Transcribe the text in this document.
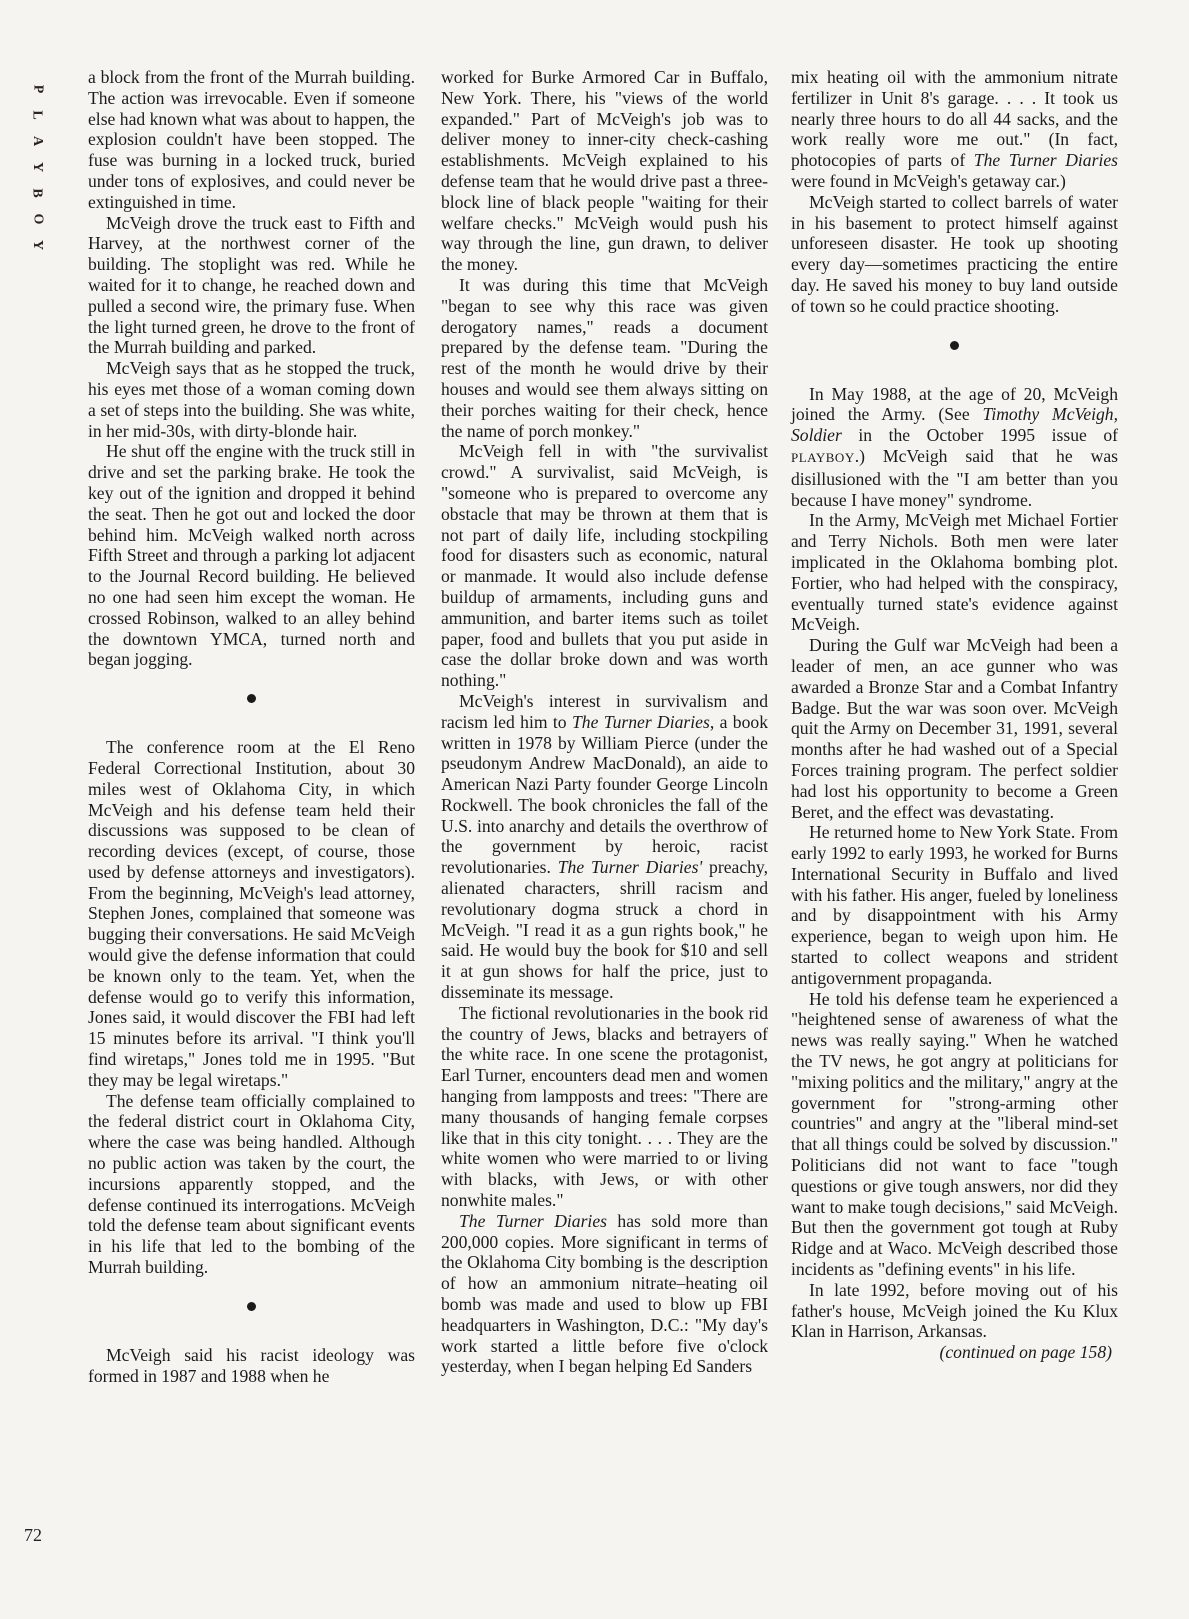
P
L
A
Y
B
O
Y
72

a block from the front of the Murrah building. The action was irrevocable. Even if someone else had known what was about to happen, the explosion couldn't have been stopped. The fuse was burning in a locked truck, buried under tons of explosives, and could never be extinguished in time.

McVeigh drove the truck east to Fifth and Harvey, at the northwest corner of the building. The stoplight was red. While he waited for it to change, he reached down and pulled a second wire, the primary fuse. When the light turned green, he drove to the front of the Murrah building and parked.

McVeigh says that as he stopped the truck, his eyes met those of a woman coming down a set of steps into the building. She was white, in her mid-30s, with dirty-blonde hair.

He shut off the engine with the truck still in drive and set the parking brake. He took the key out of the ignition and dropped it behind the seat. Then he got out and locked the door behind him. McVeigh walked north across Fifth Street and through a parking lot adjacent to the Journal Record building. He believed no one had seen him except the woman. He crossed Robinson, walked to an alley behind the downtown YMCA, turned north and began jogging.

The conference room at the El Reno Federal Correctional Institution, about 30 miles west of Oklahoma City, in which McVeigh and his defense team held their discussions was supposed to be clean of recording devices (except, of course, those used by defense attorneys and investigators). From the beginning, McVeigh's lead attorney, Stephen Jones, complained that someone was bugging their conversations. He said McVeigh would give the defense information that could be known only to the team. Yet, when the defense would go to verify this information, Jones said, it would discover the FBI had left 15 minutes before its arrival. "I think you'll find wiretaps," Jones told me in 1995. "But they may be legal wiretaps."

The defense team officially complained to the federal district court in Oklahoma City, where the case was being handled. Although no public action was taken by the court, the incursions apparently stopped, and the defense continued its interrogations. McVeigh told the defense team about significant events in his life that led to the bombing of the Murrah building.

McVeigh said his racist ideology was formed in 1987 and 1988 when he

worked for Burke Armored Car in Buffalo, New York. There, his "views of the world expanded." Part of McVeigh's job was to deliver money to inner-city check-cashing establishments. McVeigh explained to his defense team that he would drive past a three-block line of black people "waiting for their welfare checks." McVeigh would push his way through the line, gun drawn, to deliver the money.

It was during this time that McVeigh "began to see why this race was given derogatory names," reads a document prepared by the defense team. "During the rest of the month he would drive by their houses and would see them always sitting on their porches waiting for their check, hence the name of porch monkey."

McVeigh fell in with "the survivalist crowd." A survivalist, said McVeigh, is "someone who is prepared to overcome any obstacle that may be thrown at them that is not part of daily life, including stockpiling food for disasters such as economic, natural or manmade. It would also include defense buildup of armaments, including guns and ammunition, and barter items such as toilet paper, food and bullets that you put aside in case the dollar broke down and was worth nothing."

McVeigh's interest in survivalism and racism led him to The Turner Diaries, a book written in 1978 by William Pierce (under the pseudonym Andrew MacDonald), an aide to American Nazi Party founder George Lincoln Rockwell. The book chronicles the fall of the U.S. into anarchy and details the overthrow of the government by heroic, racist revolutionaries. The Turner Diaries' preachy, alienated characters, shrill racism and revolutionary dogma struck a chord in McVeigh. "I read it as a gun rights book," he said. He would buy the book for $10 and sell it at gun shows for half the price, just to disseminate its message.

The fictional revolutionaries in the book rid the country of Jews, blacks and betrayers of the white race. In one scene the protagonist, Earl Turner, encounters dead men and women hanging from lampposts and trees: "There are many thousands of hanging female corpses like that in this city tonight. . . . They are the white women who were married to or living with blacks, with Jews, or with other nonwhite males."

The Turner Diaries has sold more than 200,000 copies. More significant in terms of the Oklahoma City bombing is the description of how an ammonium nitrate–heating oil bomb was made and used to blow up FBI headquarters in Washington, D.C.: "My day's work started a little before five o'clock yesterday, when I began helping Ed Sanders

mix heating oil with the ammonium nitrate fertilizer in Unit 8's garage. . . . It took us nearly three hours to do all 44 sacks, and the work really wore me out." (In fact, photocopies of parts of The Turner Diaries were found in McVeigh's getaway car.)

McVeigh started to collect barrels of water in his basement to protect himself against unforeseen disaster. He took up shooting every day—sometimes practicing the entire day. He saved his money to buy land outside of town so he could practice shooting.

In May 1988, at the age of 20, McVeigh joined the Army. (See Timothy McVeigh, Soldier in the October 1995 issue of PLAYBOY.) McVeigh said that he was disillusioned with the "I am better than you because I have money" syndrome.

In the Army, McVeigh met Michael Fortier and Terry Nichols. Both men were later implicated in the Oklahoma bombing plot. Fortier, who had helped with the conspiracy, eventually turned state's evidence against McVeigh.

During the Gulf war McVeigh had been a leader of men, an ace gunner who was awarded a Bronze Star and a Combat Infantry Badge. But the war was soon over. McVeigh quit the Army on December 31, 1991, several months after he had washed out of a Special Forces training program. The perfect soldier had lost his opportunity to become a Green Beret, and the effect was devastating.

He returned home to New York State. From early 1992 to early 1993, he worked for Burns International Security in Buffalo and lived with his father. His anger, fueled by loneliness and by disappointment with his Army experience, began to weigh upon him. He started to collect weapons and strident antigovernment propaganda.

He told his defense team he experienced a "heightened sense of awareness of what the news was really saying." When he watched the TV news, he got angry at politicians for "mixing politics and the military," angry at the government for "strong-arming other countries" and angry at the "liberal mind-set that all things could be solved by discussion." Politicians did not want to face "tough questions or give tough answers, nor did they want to make tough decisions," said McVeigh. But then the government got tough at Ruby Ridge and at Waco. McVeigh described those incidents as "defining events" in his life.

In late 1992, before moving out of his father's house, McVeigh joined the Ku Klux Klan in Harrison, Arkansas.

(continued on page 158)
